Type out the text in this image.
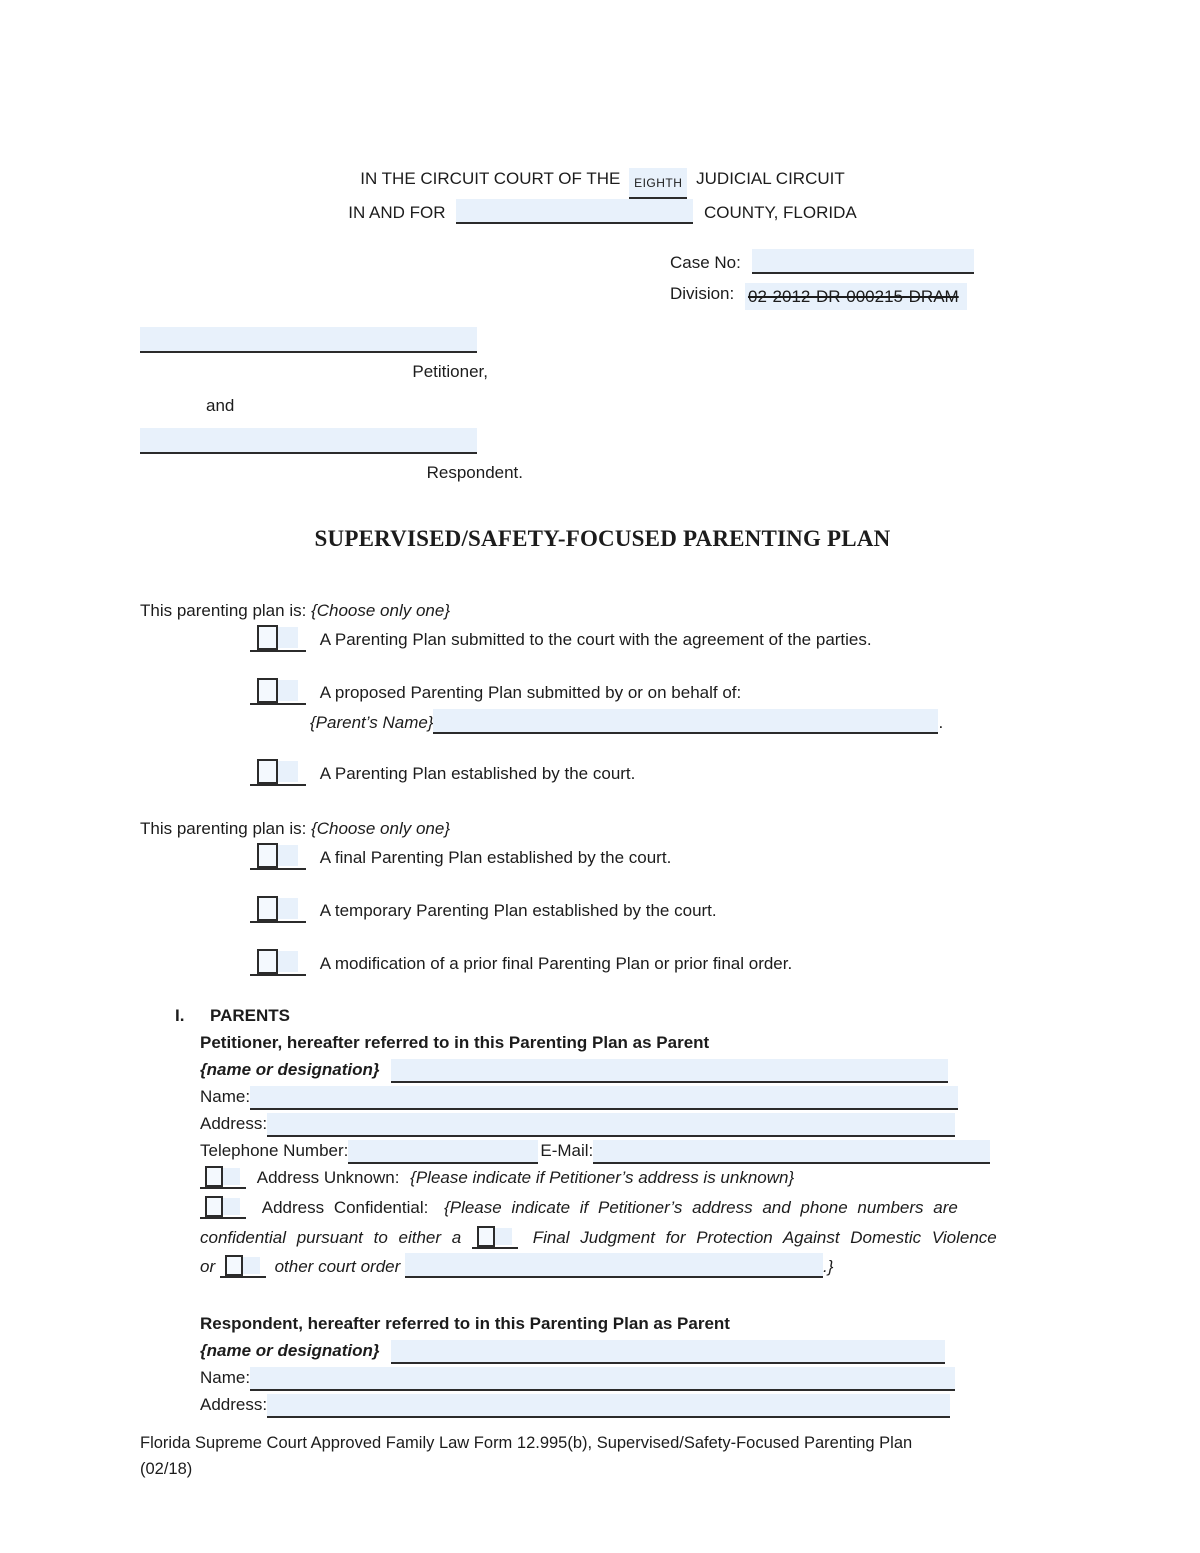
IN THE CIRCUIT COURT OF THE EIGHTH JUDICIAL CIRCUIT
IN AND FOR	COUNTY, FLORIDA
Case No:
Division: 02-2012-DR-000215-DRAM
Petitioner,
and
Respondent.
SUPERVISED/SAFETY-FOCUSED PARENTING PLAN
This parenting plan is: {Choose only one}
A Parenting Plan submitted to the court with the agreement of the parties.
A proposed Parenting Plan submitted by or on behalf of:
{Parent’s Name}	.
A Parenting Plan established by the court.
This parenting plan is: {Choose only one}
A final Parenting Plan established by the court.
A temporary Parenting Plan established by the court.
A modification of a prior final Parenting Plan or prior final order.
I. PARENTS
Petitioner, hereafter referred to in this Parenting Plan as Parent
{name or designation}
Name:
Address:
Telephone Number:	E-Mail:
Address Unknown: {Please indicate if Petitioner’s address is unknown}
Address Confidential: {Please indicate if Petitioner’s address and phone numbers are
confidential pursuant to either a	Final Judgment for Protection Against Domestic Violence
or	other court order	.}
Respondent, hereafter referred to in this Parenting Plan as Parent
{name or designation}
Name:
Address:
Florida Supreme Court Approved Family Law Form 12.995(b), Supervised/Safety-Focused Parenting Plan
(02/18)
